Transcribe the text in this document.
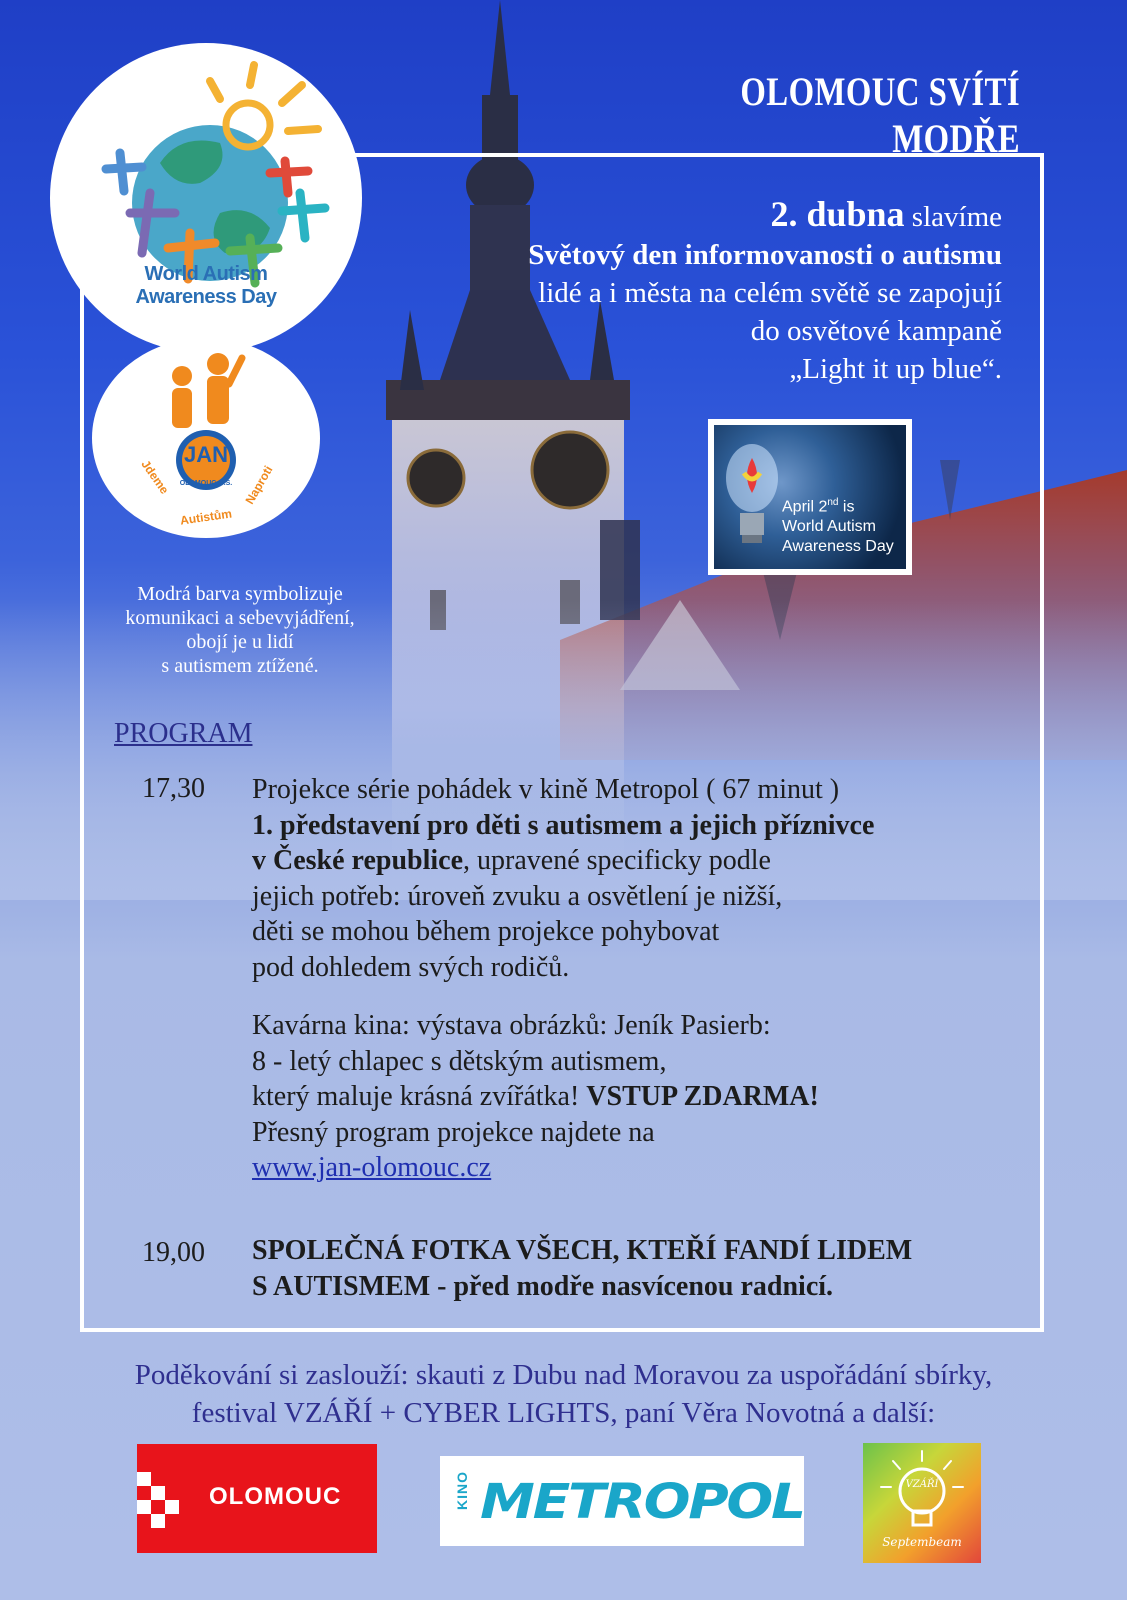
OLOMOUC SVÍTÍ MODŘE
World Autism
Awareness Day
JAN
OLOMOUC O.S.
Jdeme
Autistům
Naproti
2. dubna slavíme
Světový den informovanosti o autismu
lidé a i města na celém světě se zapojují
do osvětové kampaně
„Light it up blue“.
April 2nd is
World Autism
Awareness Day
Modrá barva symbolizuje
komunikaci a sebevyjádření,
obojí je u lidí
s autismem ztížené.
PROGRAM
17,30 Projekce série pohádek v kině Metropol ( 67 minut )
1. představení pro děti s autismem a jejich příznivce
v České republice, upravené specificky podle
jejich potřeb: úroveň zvuku a osvětlení je nižší,
děti se mohou během projekce pohybovat
pod dohledem svých rodičů.
Kavárna kina: výstava obrázků: Jeník Pasierb:
8 - letý chlapec s dětským autismem,
který maluje krásná zvířátka! VSTUP ZDARMA!
Přesný program projekce najdete na
www.jan-olomouc.cz
19,00 SPOLEČNÁ FOTKA VŠECH, KTEŘÍ FANDÍ LIDEM
S AUTISMEM - před modře nasvícenou radnicí.
Poděkování si zaslouží: skauti z Dubu nad Moravou za uspořádání sbírky,
festival VZÁŘÍ + CYBER LIGHTS, paní Věra Novotná a další:
OLOMOUC	KINO METROPOL	VZÁŘÍ
Septembeam
